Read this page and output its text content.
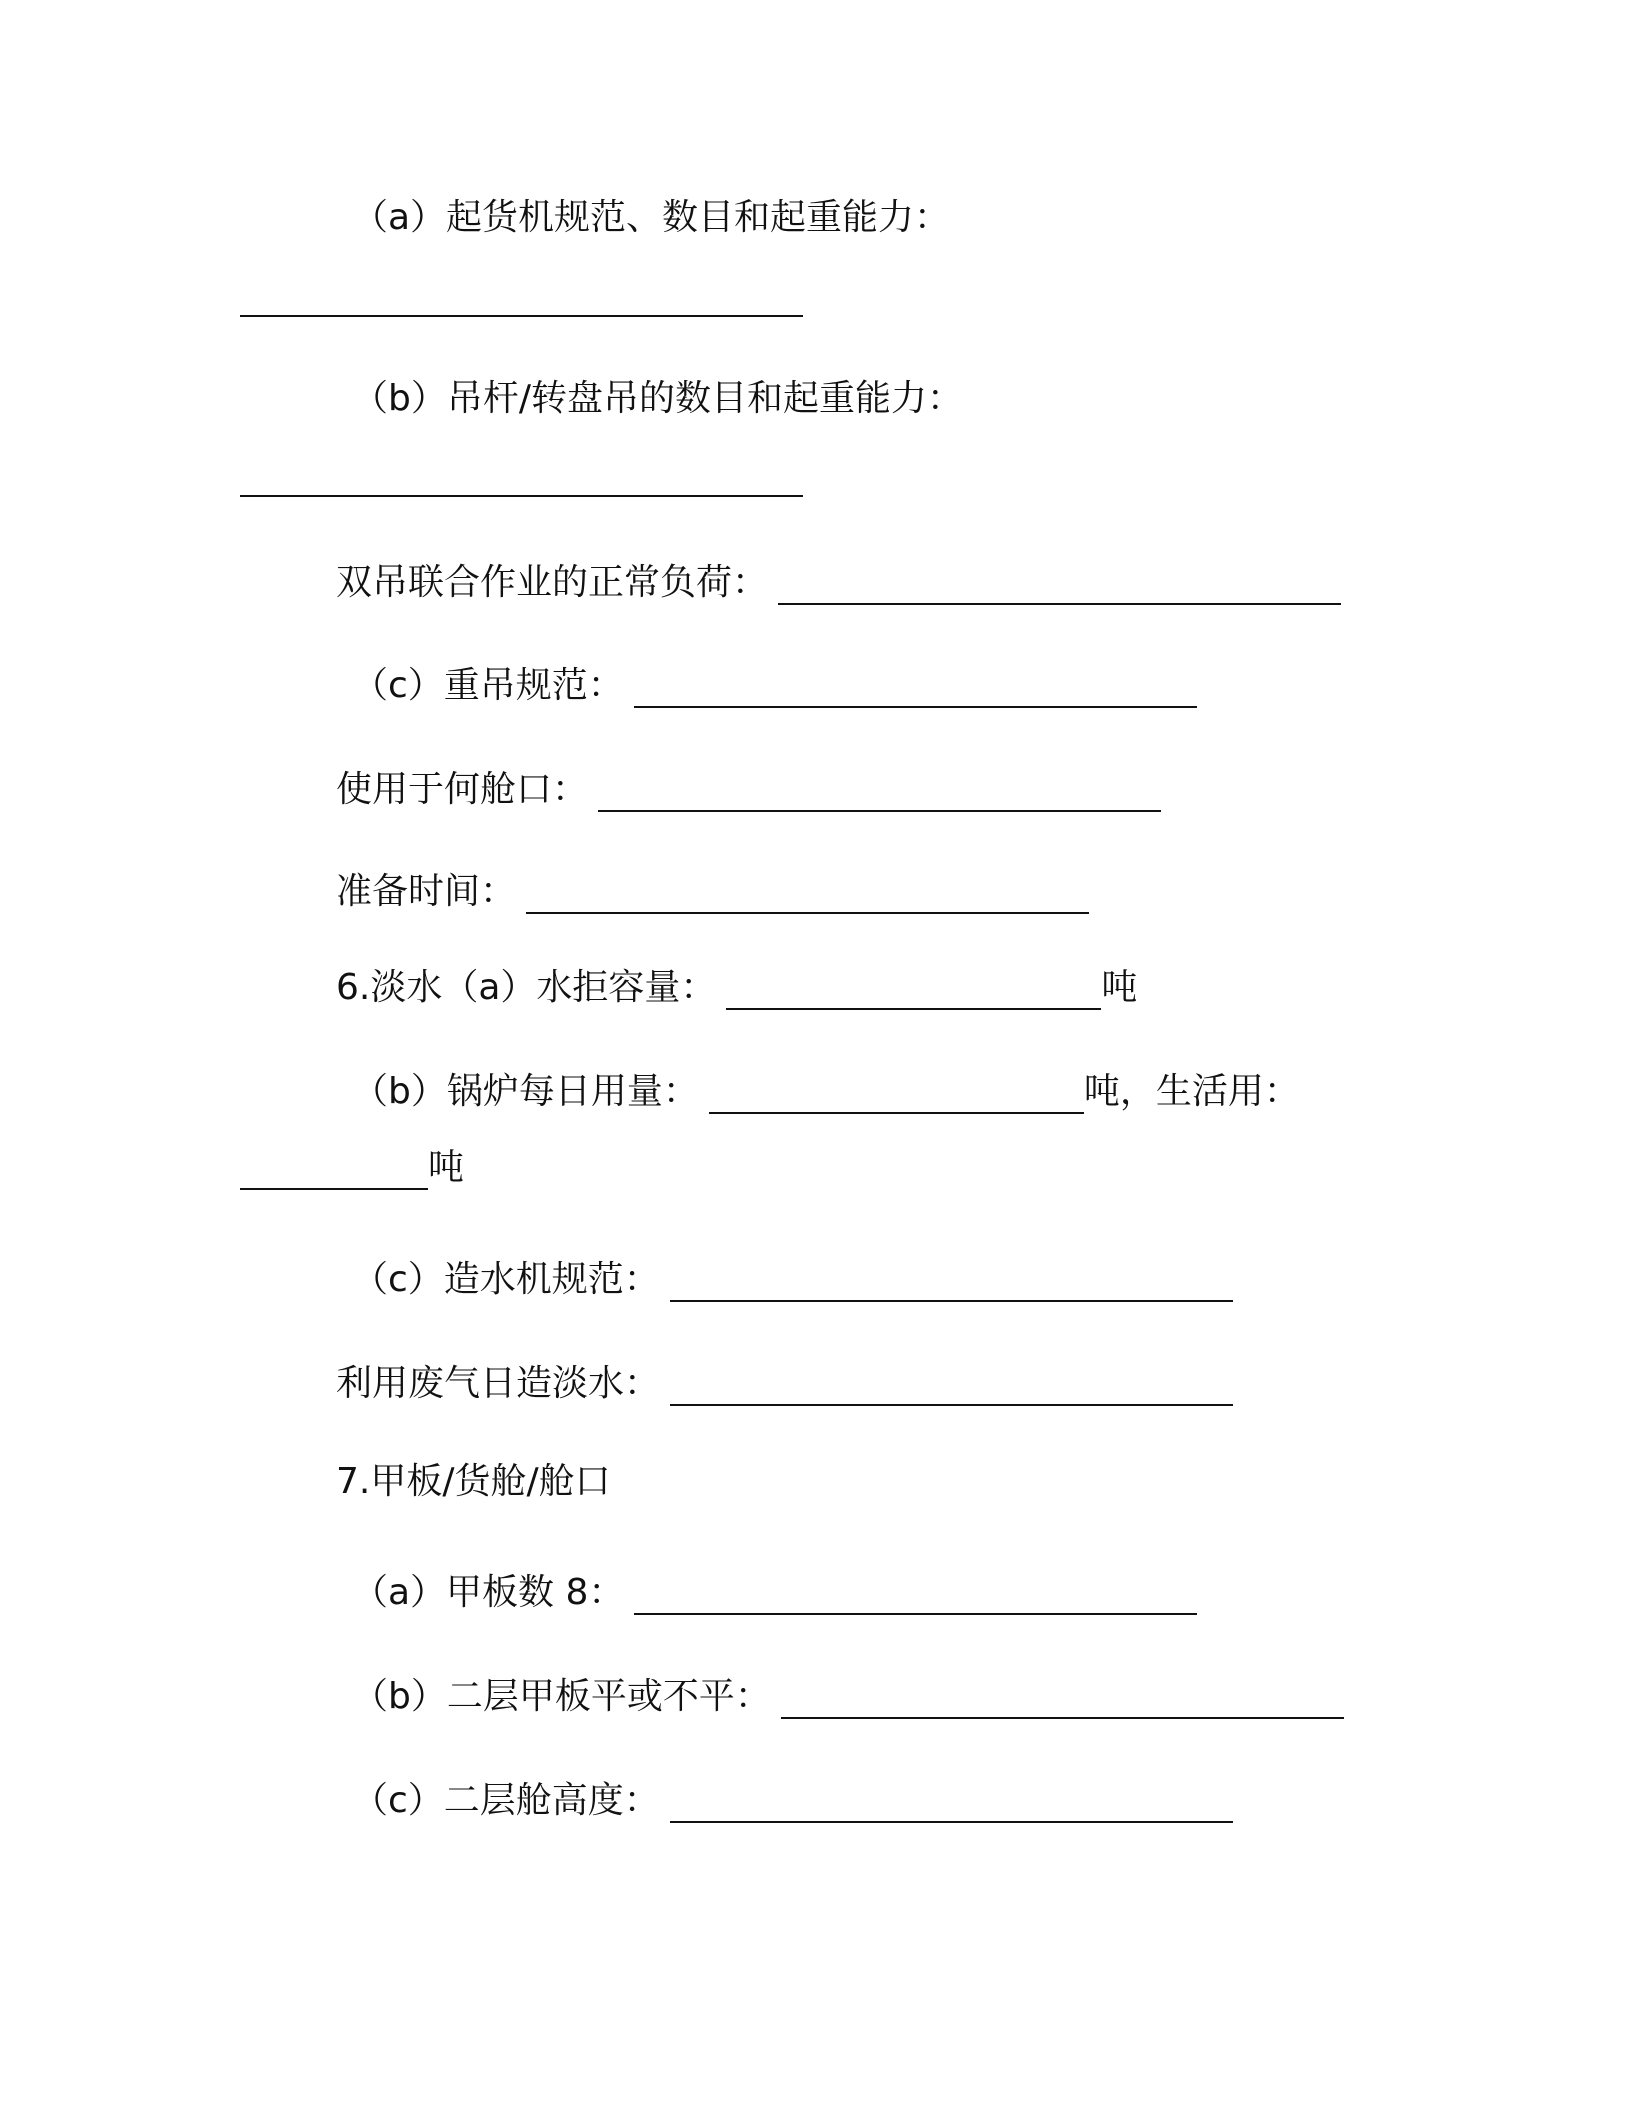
（a）起货机规范、数目和起重能力：
（b）吊杆/转盘吊的数目和起重能力：
双吊联合作业的正常负荷：
（c）重吊规范：
使用于何舱口：
准备时间：
6.淡水（a）水拒容量：	吨
（b）锅炉每日用量：	吨，生活用：
吨
（c）造水机规范：
利用废气日造淡水：
7.甲板/货舱/舱口
（a）甲板数 8：
（b）二层甲板平或不平：
（c）二层舱高度：
